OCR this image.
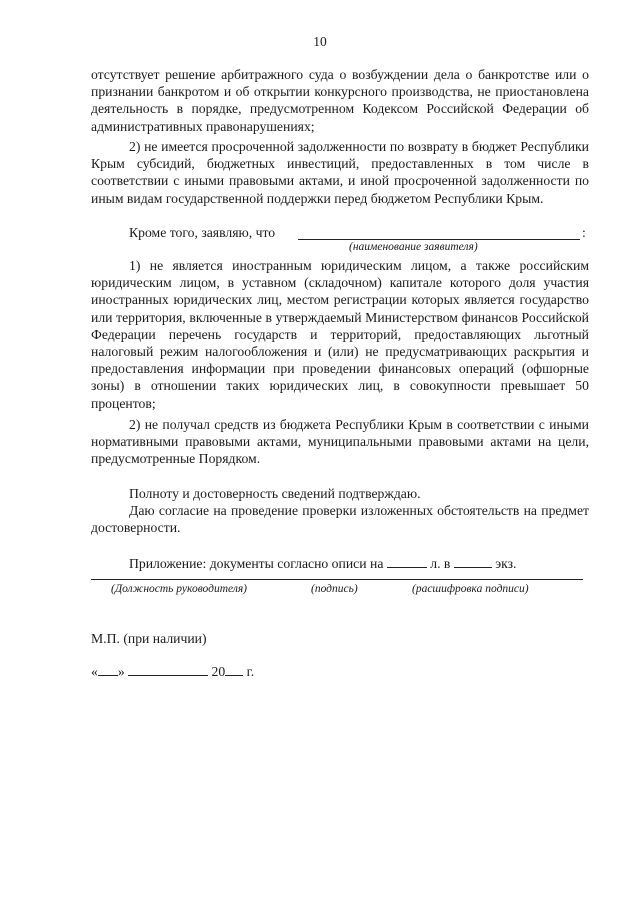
10
отсутствует решение арбитражного суда о возбуждении дела о банкротстве или о признании банкротом и об открытии конкурсного производства, не приостановлена деятельность в порядке, предусмотренном Кодексом Российской Федерации об административных правонарушениях;
2) не имеется просроченной задолженности по возврату в бюджет Республики Крым субсидий, бюджетных инвестиций, предоставленных в том числе в соответствии с иными правовыми актами, и иной просроченной задолженности по иным видам государственной поддержки перед бюджетом Республики Крым.
Кроме того, заявляю, что	:
(наименование заявителя)
1) не является иностранным юридическим лицом, а также российским юридическим лицом, в уставном (складочном) капитале которого доля участия иностранных юридических лиц, местом регистрации которых является государство или территория, включенные в утверждаемый Министерством финансов Российской Федерации перечень государств и территорий, предоставляющих льготный налоговый режим налогообложения и (или) не предусматривающих раскрытия и предоставления информации при проведении финансовых операций (офшорные зоны) в отношении таких юридических лиц, в совокупности превышает 50 процентов;
2) не получал средств из бюджета Республики Крым в соответствии с иными нормативными правовыми актами, муниципальными правовыми актами на цели, предусмотренные Порядком.
Полноту и достоверность сведений подтверждаю.
Даю согласие на проведение проверки изложенных обстоятельств на предмет достоверности.
Приложение: документы согласно описи на	л. в	экз.
(Должность руководителя)	(подпись)	(расшифровка подписи)
М.П. (при наличии)
« »	20 г.
